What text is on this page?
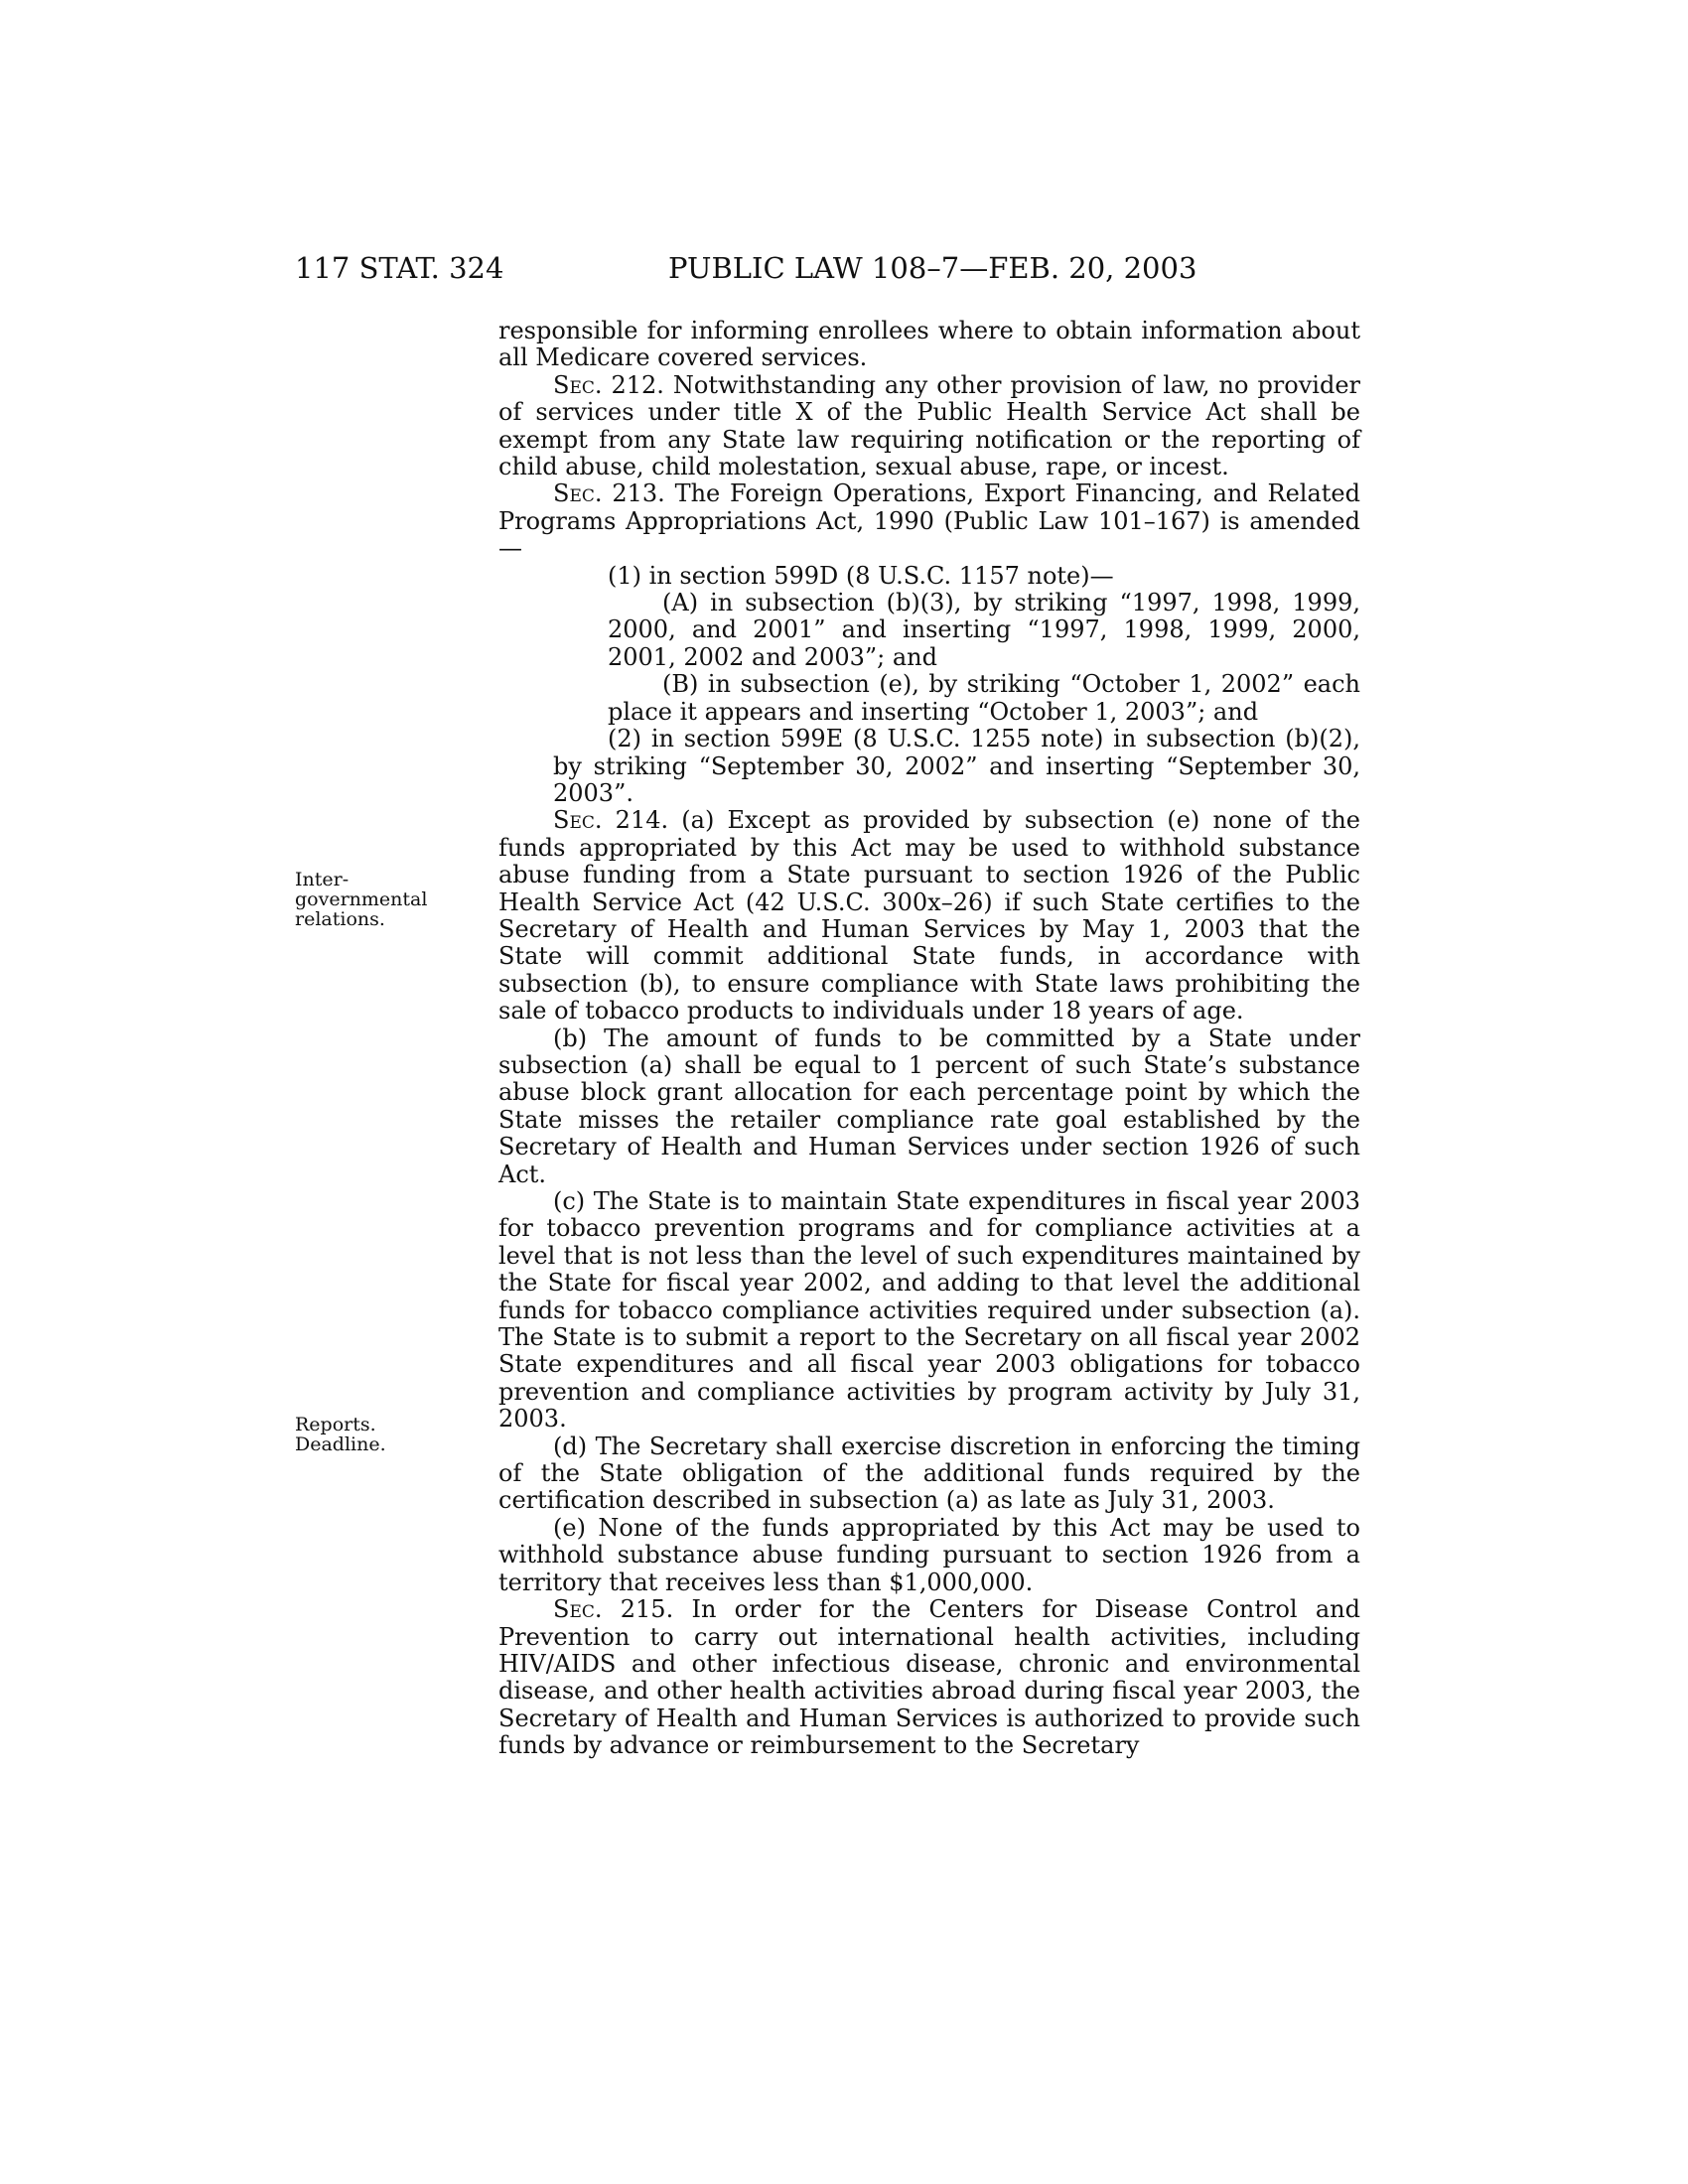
117 STAT. 324	PUBLIC LAW 108–7—FEB. 20, 2003
Inter-
governmental
relations.
Reports.
Deadline.

responsible for informing enrollees where to obtain information about all Medicare covered services.

Sec. 212. Notwithstanding any other provision of law, no provider of services under title X of the Public Health Service Act shall be exempt from any State law requiring notification or the reporting of child abuse, child molestation, sexual abuse, rape, or incest.

Sec. 213. The Foreign Operations, Export Financing, and Related Programs Appropriations Act, 1990 (Public Law 101–167) is amended—

(1) in section 599D (8 U.S.C. 1157 note)—

(A) in subsection (b)(3), by striking “1997, 1998, 1999, 2000, and 2001” and inserting “1997, 1998, 1999, 2000, 2001, 2002 and 2003”; and

(B) in subsection (e), by striking “October 1, 2002” each place it appears and inserting “October 1, 2003”; and

(2) in section 599E (8 U.S.C. 1255 note) in subsection (b)(2), by striking “September 30, 2002” and inserting “September 30, 2003”.

Sec. 214. (a) Except as provided by subsection (e) none of the funds appropriated by this Act may be used to withhold substance abuse funding from a State pursuant to section 1926 of the Public Health Service Act (42 U.S.C. 300x–26) if such State certifies to the Secretary of Health and Human Services by May 1, 2003 that the State will commit additional State funds, in accordance with subsection (b), to ensure compliance with State laws prohibiting the sale of tobacco products to individuals under 18 years of age.

(b) The amount of funds to be committed by a State under subsection (a) shall be equal to 1 percent of such State’s substance abuse block grant allocation for each percentage point by which the State misses the retailer compliance rate goal established by the Secretary of Health and Human Services under section 1926 of such Act.

(c) The State is to maintain State expenditures in fiscal year 2003 for tobacco prevention programs and for compliance activities at a level that is not less than the level of such expenditures maintained by the State for fiscal year 2002, and adding to that level the additional funds for tobacco compliance activities required under subsection (a). The State is to submit a report to the Secretary on all fiscal year 2002 State expenditures and all fiscal year 2003 obligations for tobacco prevention and compliance activities by program activity by July 31, 2003.

(d) The Secretary shall exercise discretion in enforcing the timing of the State obligation of the additional funds required by the certification described in subsection (a) as late as July 31, 2003.

(e) None of the funds appropriated by this Act may be used to withhold substance abuse funding pursuant to section 1926 from a territory that receives less than $1,000,000.

Sec. 215. In order for the Centers for Disease Control and Prevention to carry out international health activities, including HIV/AIDS and other infectious disease, chronic and environmental disease, and other health activities abroad during fiscal year 2003, the Secretary of Health and Human Services is authorized to provide such funds by advance or reimbursement to the Secretary
